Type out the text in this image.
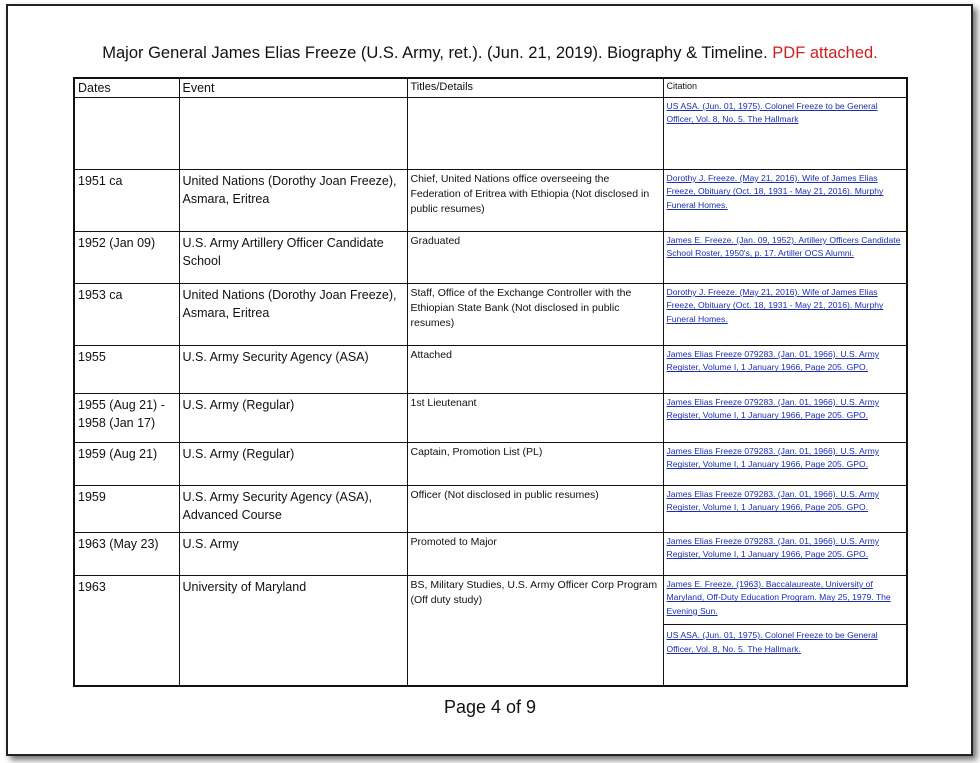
Major General James Elias Freeze (U.S. Army, ret.). (Jun. 21, 2019). Biography & Timeline. PDF attached.
Dates	Event	Titles/Details	Citation

			US ASA. (Jun. 01, 1975). Colonel Freeze to be General Officer, Vol. 8, No. 5. The Hallmark

1951 ca	United Nations (Dorothy Joan Freeze), Asmara, Eritrea	Chief, United Nations office overseeing the Federation of Eritrea with Ethiopia (Not disclosed in public resumes)	Dorothy J. Freeze. (May 21, 2016). Wife of James Elias Freeze, Obituary (Oct. 18, 1931 - May 21, 2016). Murphy Funeral Homes.

1952 (Jan 09)	U.S. Army Artillery Officer Candidate School	Graduated	James E. Freeze. (Jan. 09, 1952). Artillery Officers Candidate School Roster, 1950's, p. 17. Artiller OCS Alumni.

1953 ca	United Nations (Dorothy Joan Freeze), Asmara, Eritrea	Staff, Office of the Exchange Controller with the Ethiopian State Bank (Not disclosed in public resumes)	Dorothy J. Freeze. (May 21, 2016). Wife of James Elias Freeze, Obituary (Oct. 18, 1931 - May 21, 2016). Murphy Funeral Homes.

1955	U.S. Army Security Agency (ASA)	Attached	James Elias Freeze 079283. (Jan. 01, 1966). U.S. Army Register, Volume I, 1 January 1966, Page 205. GPO.

1955 (Aug 21) - 1958 (Jan 17)	U.S. Army (Regular)	1st Lieutenant	James Elias Freeze 079283. (Jan. 01, 1966). U.S. Army Register, Volume I, 1 January 1966, Page 205. GPO.

1959 (Aug 21)	U.S. Army (Regular)	Captain, Promotion List (PL)	James Elias Freeze 079283. (Jan. 01, 1966). U.S. Army Register, Volume I, 1 January 1966, Page 205. GPO.

1959	U.S. Army Security Agency (ASA), Advanced Course	Officer (Not disclosed in public resumes)	James Elias Freeze 079283. (Jan. 01, 1966). U.S. Army Register, Volume I, 1 January 1966, Page 205. GPO.

1963 (May 23)	U.S. Army	Promoted to Major	James Elias Freeze 079283. (Jan. 01, 1966). U.S. Army Register, Volume I, 1 January 1966, Page 205. GPO.

1963	University of Maryland	BS, Military Studies, U.S. Army Officer Corp Program (Off duty study)	James E. Freeze. (1963). Baccalaureate, University of Maryland, Off-Duty Education Program. May 25, 1979. The Evening Sun.
US ASA. (Jun. 01, 1975). Colonel Freeze to be General Officer, Vol. 8, No. 5. The Hallmark.
Page 4 of 9
